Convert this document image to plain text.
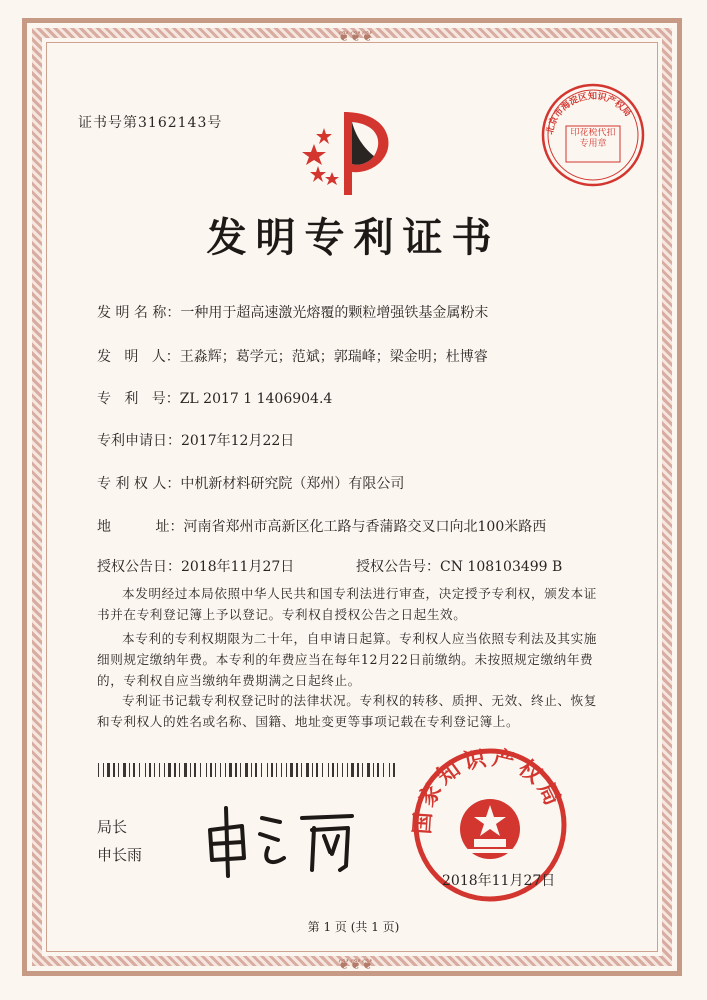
❦❦❦
❦❦❦
证书号第3162143号	北京市海淀区知识产权局
印花税代扣专用章
发明专利证书
发 明 名 称：一种用于超高速激光熔覆的颗粒增强铁基金属粉末
发   明   人：王淼辉；葛学元；范斌；郭瑞峰；梁金明；杜博睿
专   利   号：ZL 2017 1 1406904.4
专利申请日：2017年12月22日
专 利 权 人：中机新材料研究院（郑州）有限公司
地          址：河南省郑州市高新区化工路与香蒲路交叉口向北100米路西
授权公告日：2018年11月27日	授权公告号：CN 108103499 B
本发明经过本局依照中华人民共和国专利法进行审查，决定授予专利权，颁发本证书并在专利登记簿上予以登记。专利权自授权公告之日起生效。
本专利的专利权期限为二十年，自申请日起算。专利权人应当依照专利法及其实施细则规定缴纳年费。本专利的年费应当在每年12月22日前缴纳。未按照规定缴纳年费的，专利权自应当缴纳年费期满之日起终止。
专利证书记载专利权登记时的法律状况。专利权的转移、质押、无效、终止、恢复和专利权人的姓名或名称、国籍、地址变更等事项记载在专利登记簿上。
局长
申长雨
国家知识产权局
2018年11月27日
第 1 页 (共 1 页)
